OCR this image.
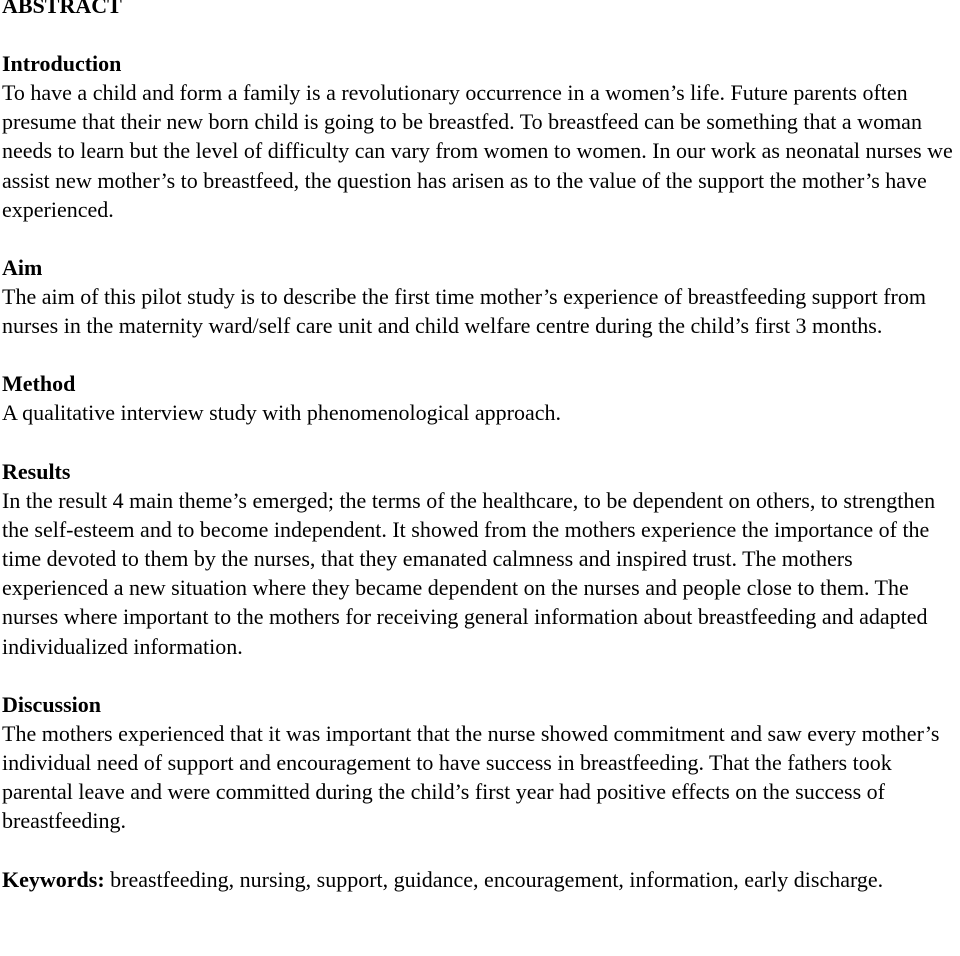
ABSTRACT
Introduction

To have a child and form a family is a revolutionary occurrence in a women’s life. Future parents often presume that their new born child is going to be breastfed. To breastfeed can be something that a woman needs to learn but the level of difficulty can vary from women to women. In our work as neonatal nurses we assist new mother’s to breastfeed, the question has arisen as to the value of the support the mother’s have experienced.

Aim

The aim of this pilot study is to describe the first time mother’s experience of breastfeeding support from nurses in the maternity ward/self care unit and child welfare centre during the child’s first 3 months.

Method

A qualitative interview study with phenomenological approach.

Results

In the result 4 main theme’s emerged; the terms of the healthcare, to be dependent on others, to strengthen the self-esteem and to become independent. It showed from the mothers experience the importance of the time devoted to them by the nurses, that they emanated calmness and inspired trust. The mothers experienced a new situation where they became dependent on the nurses and people close to them. The nurses where important to the mothers for receiving general information about breastfeeding and adapted individualized information.

Discussion

The mothers experienced that it was important that the nurse showed commitment and saw every mother’s individual need of support and encouragement to have success in breastfeeding. That the fathers took parental leave and were committed during the child’s first year had positive effects on the success of breastfeeding.

Keywords: breastfeeding, nursing, support, guidance, encouragement, information, early discharge.
